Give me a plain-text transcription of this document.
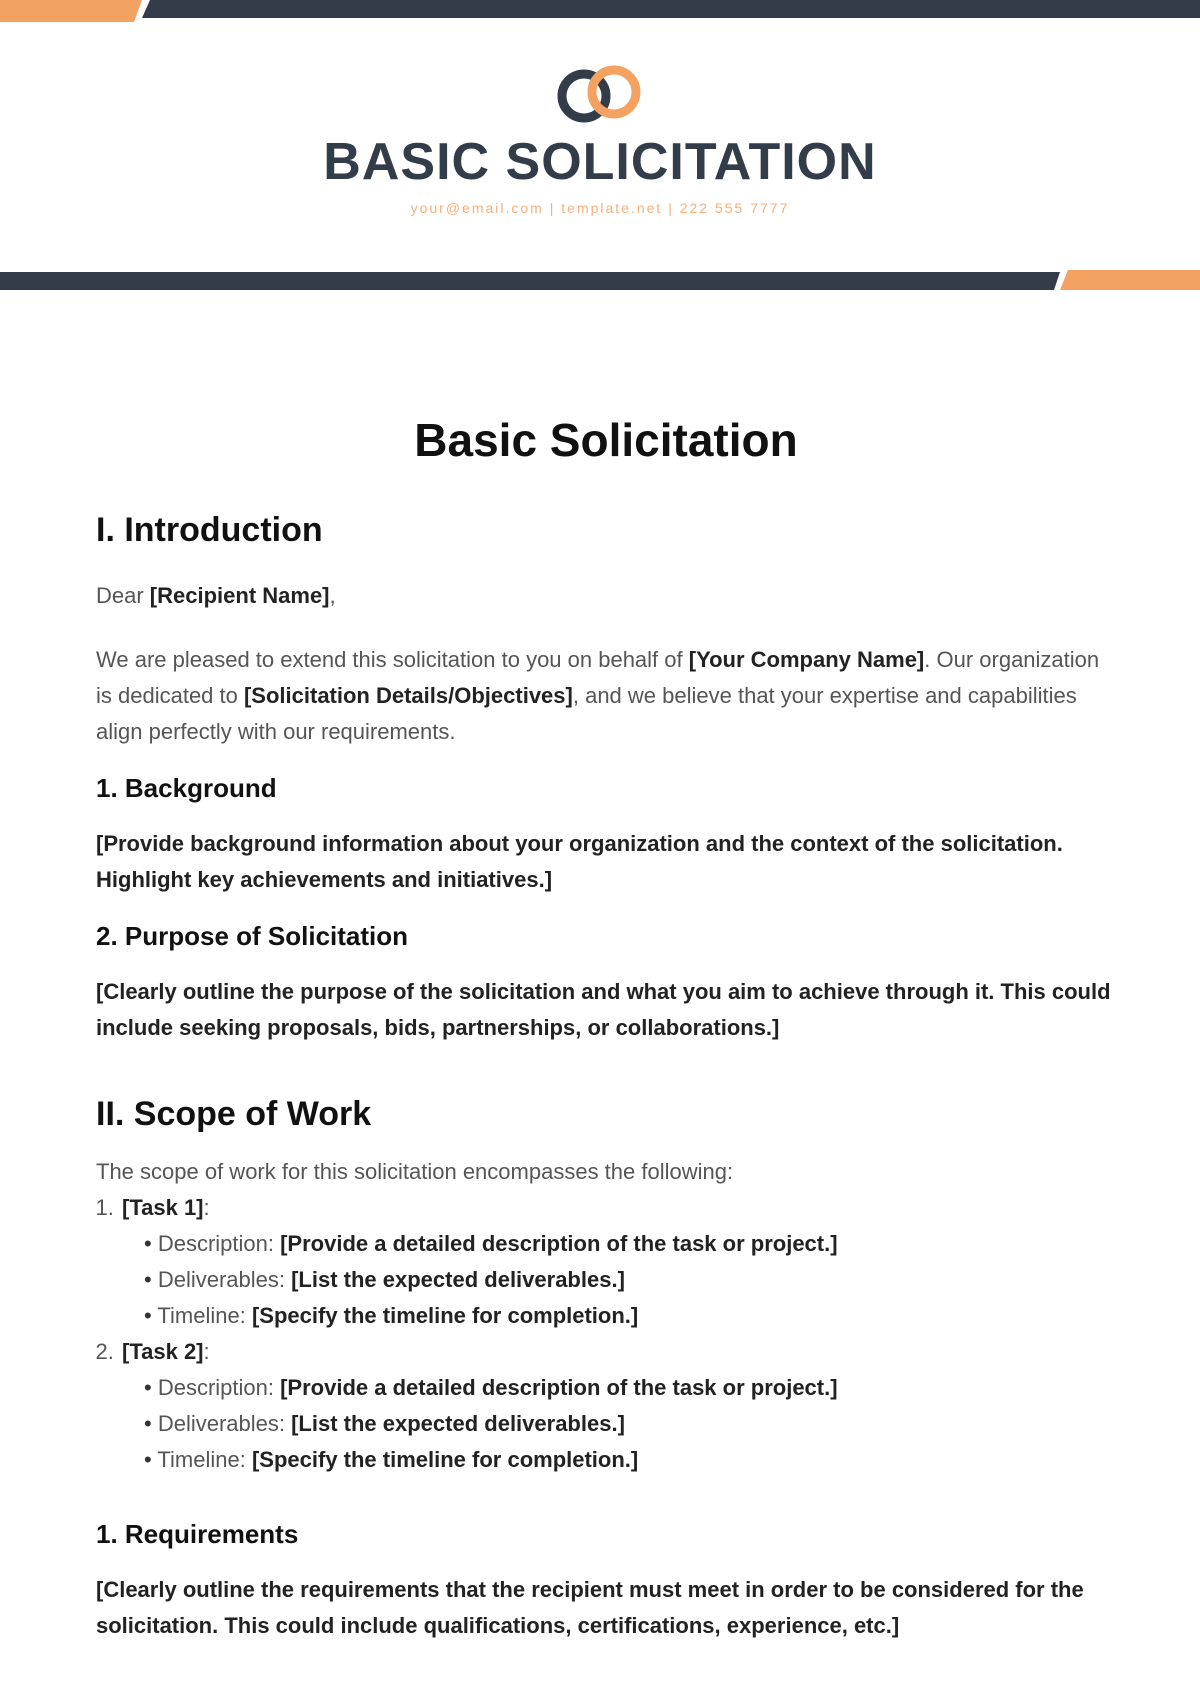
BASIC SOLICITATION
your@email.com | template.net | 222 555 7777
Basic Solicitation
I. Introduction

Dear [Recipient Name],

We are pleased to extend this solicitation to you on behalf of [Your Company Name]. Our organization is dedicated to [Solicitation Details/Objectives], and we believe that your expertise and capabilities align perfectly with our requirements.

1. Background

[Provide background information about your organization and the context of the solicitation. Highlight key achievements and initiatives.]

2. Purpose of Solicitation

[Clearly outline the purpose of the solicitation and what you aim to achieve through it. This could include seeking proposals, bids, partnerships, or collaborations.]

II. Scope of Work

The scope of work for this solicitation encompasses the following:

1. [Task 1]:
• Description: [Provide a detailed description of the task or project.]
• Deliverables: [List the expected deliverables.]
• Timeline: [Specify the timeline for completion.]
2. [Task 2]:
• Description: [Provide a detailed description of the task or project.]
• Deliverables: [List the expected deliverables.]
• Timeline: [Specify the timeline for completion.]
1. Requirements

[Clearly outline the requirements that the recipient must meet in order to be considered for the solicitation. This could include qualifications, certifications, experience, etc.]
